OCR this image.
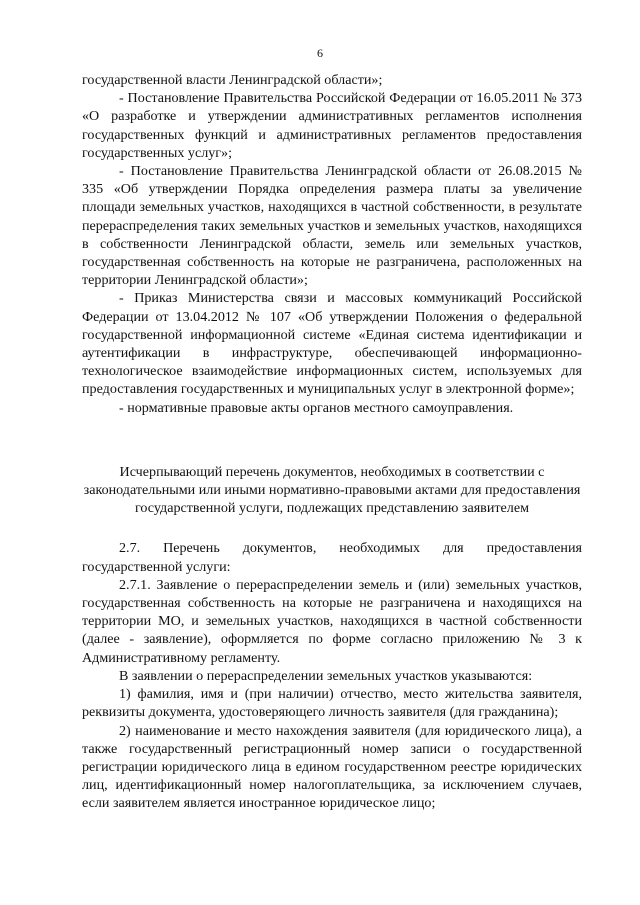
6

государственной власти Ленинградской области»;

- Постановление Правительства Российской Федерации от 16.05.2011 № 373 «О разработке и утверждении административных регламентов исполнения государственных функций и административных регламентов предоставления государственных услуг»;

- Постановление Правительства Ленинградской области от 26.08.2015 № 335 «Об утверждении Порядка определения размера платы за увеличение площади земельных участков, находящихся в частной собственности, в результате перераспределения таких земельных участков и земельных участков, находящихся в собственности Ленинградской области, земель или земельных участков, государственная собственность на которые не разграничена, расположенных на территории Ленинградской области»;

- Приказ Министерства связи и массовых коммуникаций Российской Федерации от 13.04.2012 № 107 «Об утверждении Положения о федеральной государственной информационной системе «Единая система идентификации и аутентификации в инфраструктуре, обеспечивающей информационно-технологическое взаимодействие информационных систем, используемых для предоставления государственных и муниципальных услуг в электронной форме»;

- нормативные правовые акты органов местного самоуправления.

Исчерпывающий перечень документов, необходимых в соответствии с законодательными или иными нормативно-правовыми актами для предоставления государственной услуги, подлежащих представлению заявителем

2.7. Перечень документов, необходимых для предоставления государственной услуги:

2.7.1. Заявление о перераспределении земель и (или) земельных участков, государственная собственность на которые не разграничена и находящихся на территории МО, и земельных участков, находящихся в частной собственности (далее - заявление), оформляется по форме согласно приложению № 3 к Административному регламенту.

В заявлении о перераспределении земельных участков указываются:

1) фамилия, имя и (при наличии) отчество, место жительства заявителя, реквизиты документа, удостоверяющего личность заявителя (для гражданина);

2) наименование и место нахождения заявителя (для юридического лица), а также государственный регистрационный номер записи о государственной регистрации юридического лица в едином государственном реестре юридических лиц, идентификационный номер налогоплательщика, за исключением случаев, если заявителем является иностранное юридическое лицо;
